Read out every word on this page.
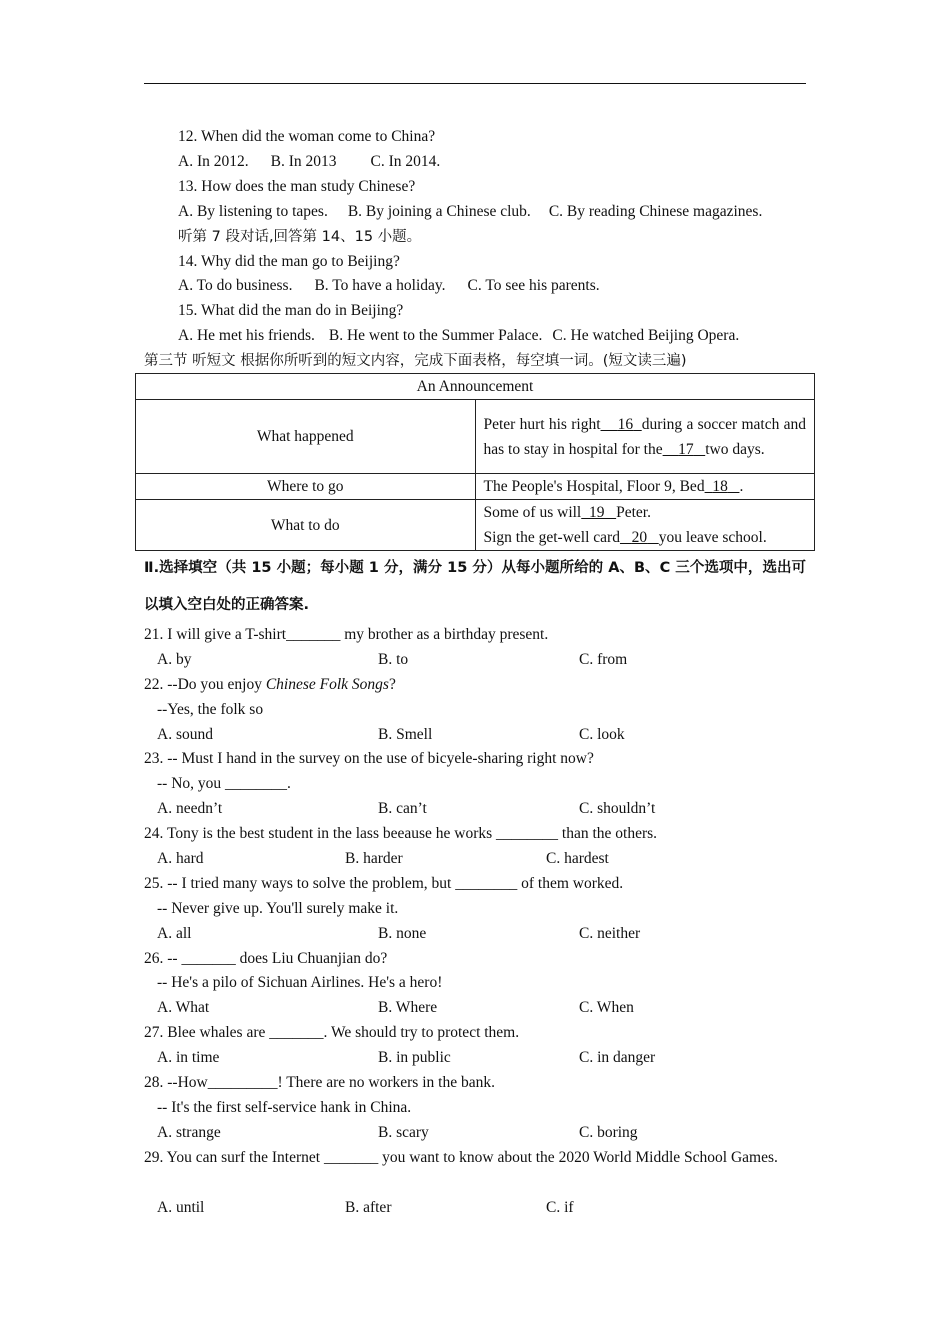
12. When did the woman come to China?
A. In 2012. B. In 2013 C. In 2014.
13. How does the man study Chinese?
A. By listening to tapes. B. By joining a Chinese club. C. By reading Chinese magazines.
听第 7 段对话,回答第 14、15 小题。
14. Why did the man go to Beijing?
A. To do business. B. To have a holiday. C. To see his parents.
15. What did the man do in Beijing?
A. He met his friends. B. He went to the Summer Palace. C. He watched Beijing Opera.
第三节 听短文 根据你所听到的短文内容，完成下面表格，每空填一词。(短文读三遍)
An Announcement	
What happened	Peter hurt his right 16 during a soccer match and has to stay in hospital for the 17 two days.
Where to go	The People's Hospital, Floor 9, Bed 18 .
What to do	Some of us will 19 Peter.
Sign the get-well card 20 you leave school.
Ⅱ.选择填空（共 15 小题；每小题 1 分，满分 15 分）从每小题所给的 A、B、C 三个选项中，选出可以填入空白处的正确答案.
21. I will give a T-shirt_______ my brother as a birthday present.
A. by	B. to	C. from
22. --Do you enjoy Chinese Folk Songs?
--Yes, the folk so
A. sound	B. Smell	C. look
23. -- Must I hand in the survey on the use of bicyele-sharing right now?
-- No, you ________.
A. needn’t	B. can’t	C. shouldn’t
24. Tony is the best student in the lass beeause he works ________ than the others.
A. hard	B. harder	C. hardest
25. -- I tried many ways to solve the problem, but ________ of them worked.
-- Never give up. You'll surely make it.
A. all	B. none	C. neither
26. -- _______ does Liu Chuanjian do?
-- He's a pilo of Sichuan Airlines. He's a hero!
A. What	B. Where	C. When
27. Blee whales are _______. We should try to protect them.
A. in time	B. in public	C. in danger
28. --How_________! There are no workers in the bank.
-- It's the first self-service hank in China.
A. strange	B. scary	C. boring
29. You can surf the Internet _______ you want to know about the 2020 World Middle School Games.
A. until	B. after	C. if
